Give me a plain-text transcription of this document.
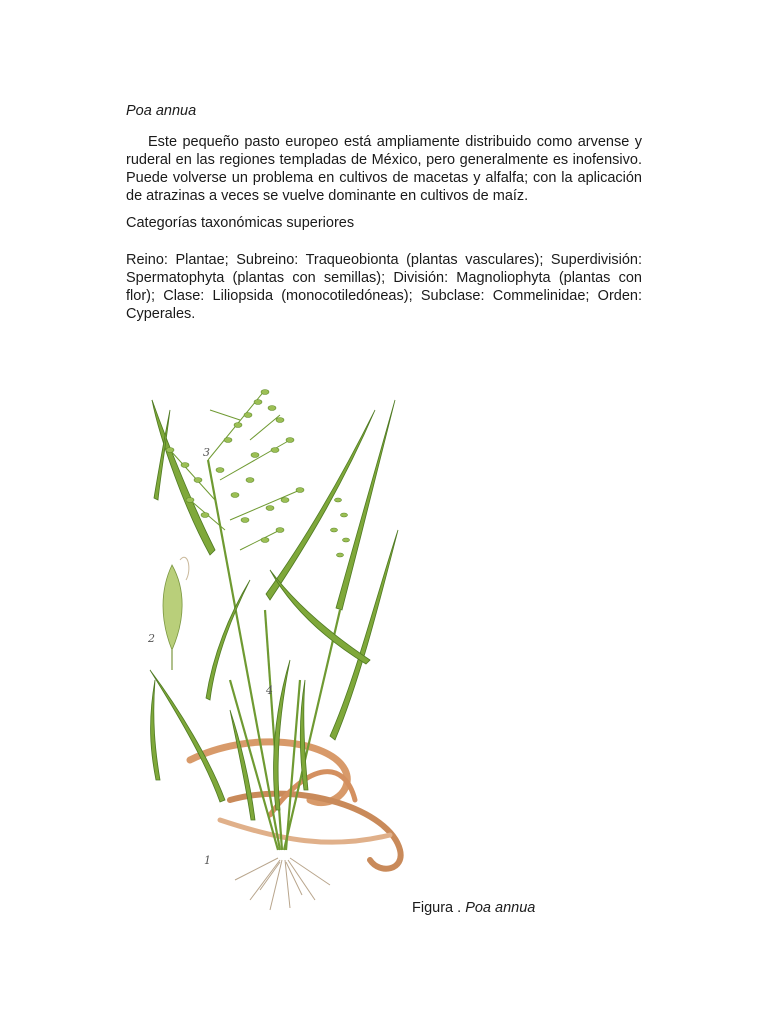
Poa annua

Este pequeño pasto europeo está ampliamente distribuido como arvense y ruderal en las regiones templadas de México, pero generalmente es inofensivo. Puede volverse un problema en cultivos de macetas y alfalfa; con la aplicación de atrazinas a veces se vuelve dominante en cultivos de maíz.

Categorías taxonómicas superiores

Reino: Plantae; Subreino: Traqueobionta (plantas vasculares); Superdivisión: Spermatophyta (plantas con semillas); División: Magnoliophyta (plantas con flor); Clase: Liliopsida (monocotiledóneas); Subclase: Commelinidae; Orden: Cyperales.

2
3
4
1
Figura . Poa annua
